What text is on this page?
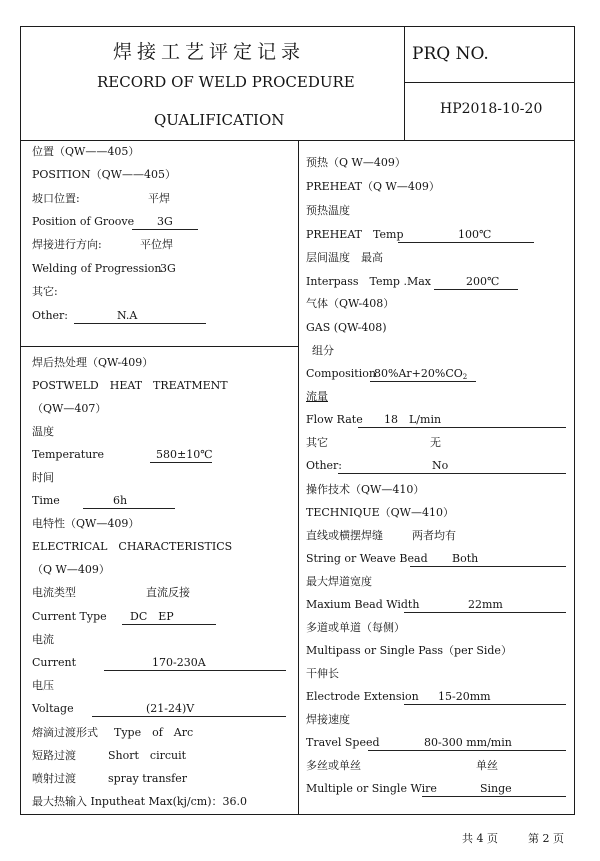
焊接工艺评定记录
RECORD OF WELD PROCEDURE
QUALIFICATION
PRQ NO.
HP2018-10-20
位置（QW——405）
POSITION（QW——405）
坡口位置:	平焊
Position of Groove 3G
焊接进行方向:	平位焊
Welding of Progression
3G
其它:
Other:	N.A
焊后热处理（QW-409）
POSTWELD　HEAT　TREATMENT
（QW—407）
温度
Temperature	580±10℃
时间
Time	6h
电特性（QW—409）
ELECTRICAL　CHARACTERISTICS
（Q W—409）
电流类型	直流反接
Current Type DC　EP
电流
Current	170-230A
电压
Voltage	(21-24)V
熔滴过渡形式 Type　of　Arc
短路过渡	Short　circuit
喷射过渡	spray transfer
最大热输入 Inputheat Max(kj/cm)：36.0
预热（Q W—409）
PREHEAT（Q W—409）
预热温度
PREHEAT　Temp	100℃
层间温度　最高
Interpass　Temp .Max	200℃
气体（QW-408）
GAS (QW-408)
组分
Composition
$80\%Ar+20\%CO_2$
流量
Flow Rate 18　L/min
其它	无
Other:	No
操作技术（QW—410）
TECHNIQUE（QW—410）
直线或横摆焊缝	两者均有
String or Weave Bead Both
最大焊道宽度
Maxium Bead Width	22mm
多道或单道（每侧）
Multipass or Single Pass（per Side）
干伸长
Electrode Extension 15-20mm
焊接速度
Travel Speed	80-300 mm/min
多丝或单丝	单丝
Multiple or Single Wire	Singe
共 4 页	第 2 页
